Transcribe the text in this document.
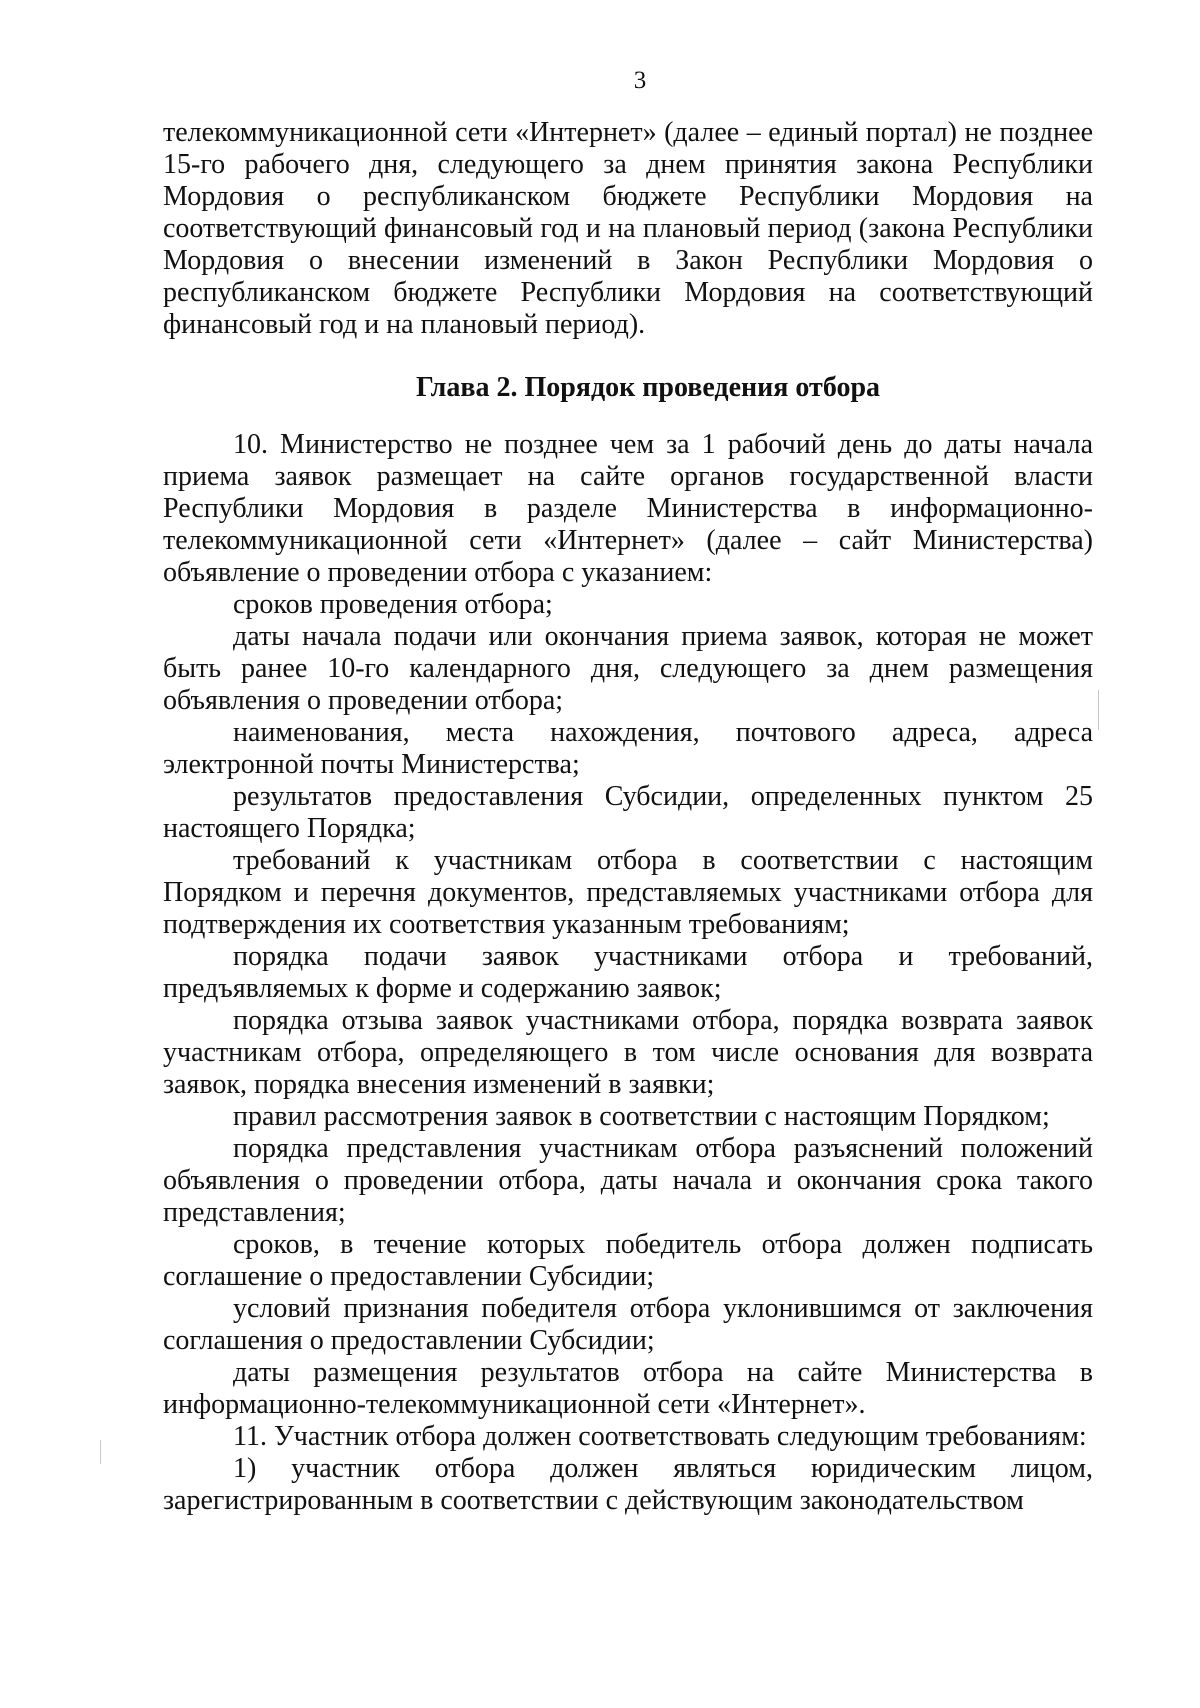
3

телекоммуникационной сети «Интернет» (далее – единый портал) не позднее 15-го рабочего дня, следующего за днем принятия закона Республики Мордовия о республиканском бюджете Республики Мордовия на соответствующий финансовый год и на плановый период (закона Республики Мордовия о внесении изменений в Закон Республики Мордовия о республиканском бюджете Республики Мордовия на соответствующий финансовый год и на плановый период).

Глава 2. Порядок проведения отбора

10. Министерство не позднее чем за 1 рабочий день до даты начала приема заявок размещает на сайте органов государственной власти Республики Мордовия в разделе Министерства в информационно-телекоммуникационной сети «Интернет» (далее – сайт Министерства) объявление о проведении отбора с указанием:

сроков проведения отбора;

даты начала подачи или окончания приема заявок, которая не может быть ранее 10-го календарного дня, следующего за днем размещения объявления о проведении отбора;

наименования, места нахождения, почтового адреса, адреса электронной почты Министерства;

результатов предоставления Субсидии, определенных пунктом 25 настоящего Порядка;

требований к участникам отбора в соответствии с настоящим Порядком и перечня документов, представляемых участниками отбора для подтверждения их соответствия указанным требованиям;

порядка подачи заявок участниками отбора и требований, предъявляемых к форме и содержанию заявок;

порядка отзыва заявок участниками отбора, порядка возврата заявок участникам отбора, определяющего в том числе основания для возврата заявок, порядка внесения изменений в заявки;

правил рассмотрения заявок в соответствии с настоящим Порядком;

порядка представления участникам отбора разъяснений положений объявления о проведении отбора, даты начала и окончания срока такого представления;

сроков, в течение которых победитель отбора должен подписать соглашение о предоставлении Субсидии;

условий признания победителя отбора уклонившимся от заключения соглашения о предоставлении Субсидии;

даты размещения результатов отбора на сайте Министерства в информационно-телекоммуникационной сети «Интернет».

11. Участник отбора должен соответствовать следующим требованиям:

1) участник отбора должен являться юридическим лицом, зарегистрированным в соответствии с действующим законодательством
